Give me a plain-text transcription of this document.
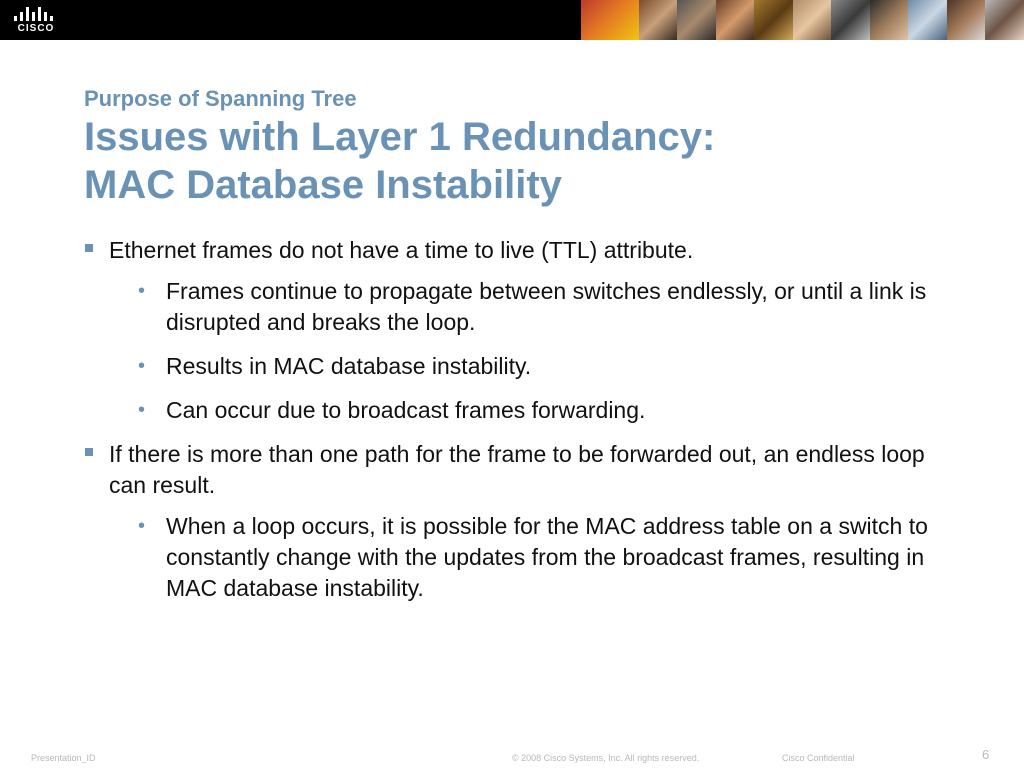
CISCO
Purpose of Spanning Tree
Issues with Layer 1 Redundancy:
MAC Database Instability
Ethernet frames do not have a time to live (TTL) attribute.
• Frames continue to propagate between switches endlessly, or until a link is disrupted and breaks the loop.
• Results in MAC database instability.
• Can occur due to broadcast frames forwarding.
If there is more than one path for the frame to be forwarded out, an endless loop can result.
• When a loop occurs, it is possible for the MAC address table on a switch to constantly change with the updates from the broadcast frames, resulting in MAC database instability.
Presentation_ID	© 2008 Cisco Systems, Inc. All rights reserved.	Cisco Confidential	6
